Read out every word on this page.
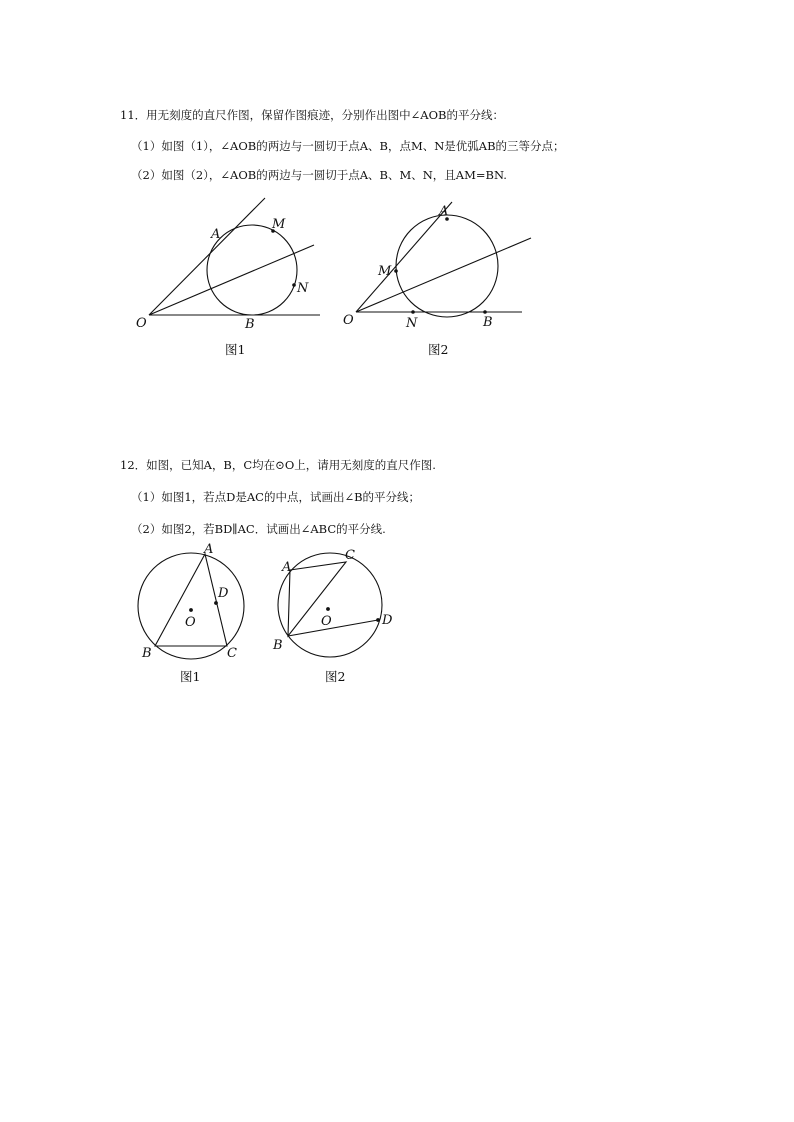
11．用无刻度的直尺作图，保留作图痕迹，分别作出图中∠AOB的平分线：
（1）如图（1），∠AOB的两边与一圆切于点A、B，点M、N是优弧AB的三等分点；
（2）如图（2），∠AOB的两边与一圆切于点A、B、M、N，且AM=BN.
O
A
M
N
B
图1
O
A
M
N	B
图2
12．如图，已知A，B，C均在⊙O上，请用无刻度的直尺作图.
（1）如图1，若点D是AC的中点，试画出∠B的平分线；
（2）如图2，若BD∥AC．试画出∠ABC的平分线.
A
D
O
B	C
图1
A
C
O	D
B
图2
